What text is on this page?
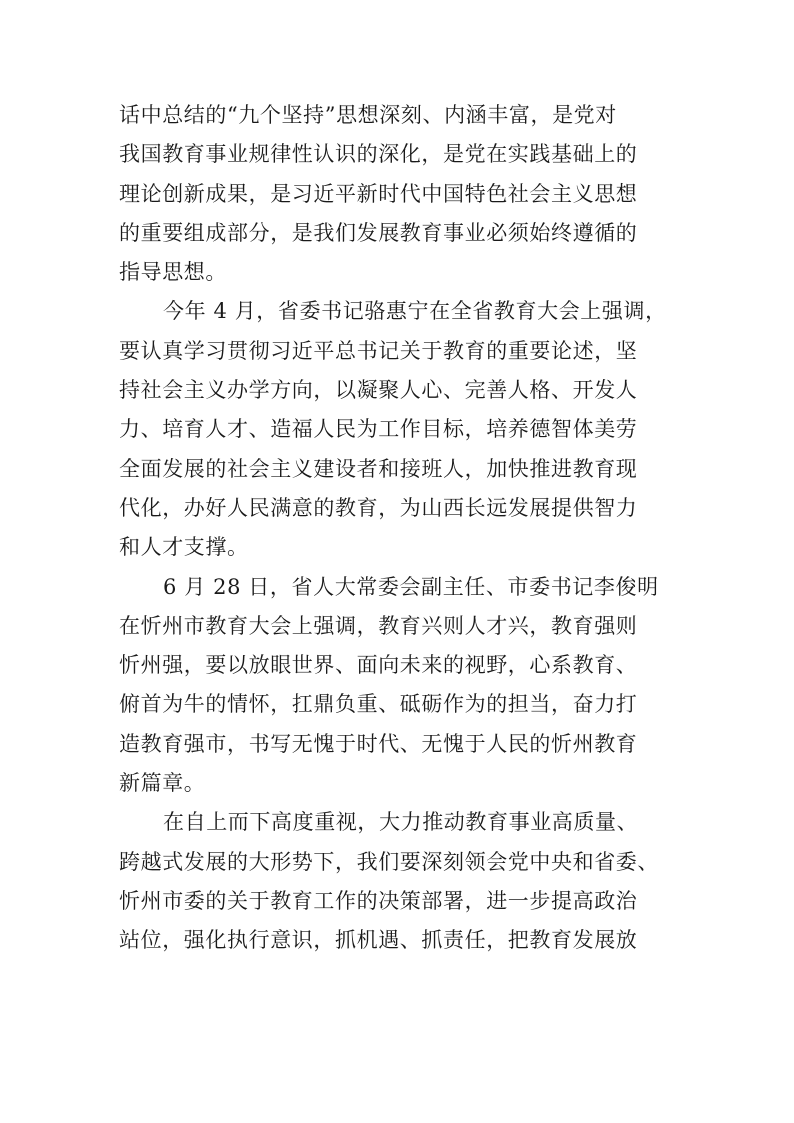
话中总结的“九个坚持”思想深刻、内涵丰富，是党对
我国教育事业规律性认识的深化，是党在实践基础上的
理论创新成果，是习近平新时代中国特色社会主义思想
的重要组成部分，是我们发展教育事业必须始终遵循的
指导思想。
今年 4 月，省委书记骆惠宁在全省教育大会上强调，
要认真学习贯彻习近平总书记关于教育的重要论述，坚
持社会主义办学方向，以凝聚人心、完善人格、开发人
力、培育人才、造福人民为工作目标，培养德智体美劳
全面发展的社会主义建设者和接班人，加快推进教育现
代化，办好人民满意的教育，为山西长远发展提供智力
和人才支撑。
6 月 28 日，省人大常委会副主任、市委书记李俊明
在忻州市教育大会上强调，教育兴则人才兴，教育强则
忻州强，要以放眼世界、面向未来的视野，心系教育、
俯首为牛的情怀，扛鼎负重、砥砺作为的担当，奋力打
造教育强市，书写无愧于时代、无愧于人民的忻州教育
新篇章。
在自上而下高度重视，大力推动教育事业高质量、
跨越式发展的大形势下，我们要深刻领会党中央和省委、
忻州市委的关于教育工作的决策部署，进一步提高政治
站位，强化执行意识，抓机遇、抓责任，把教育发展放
